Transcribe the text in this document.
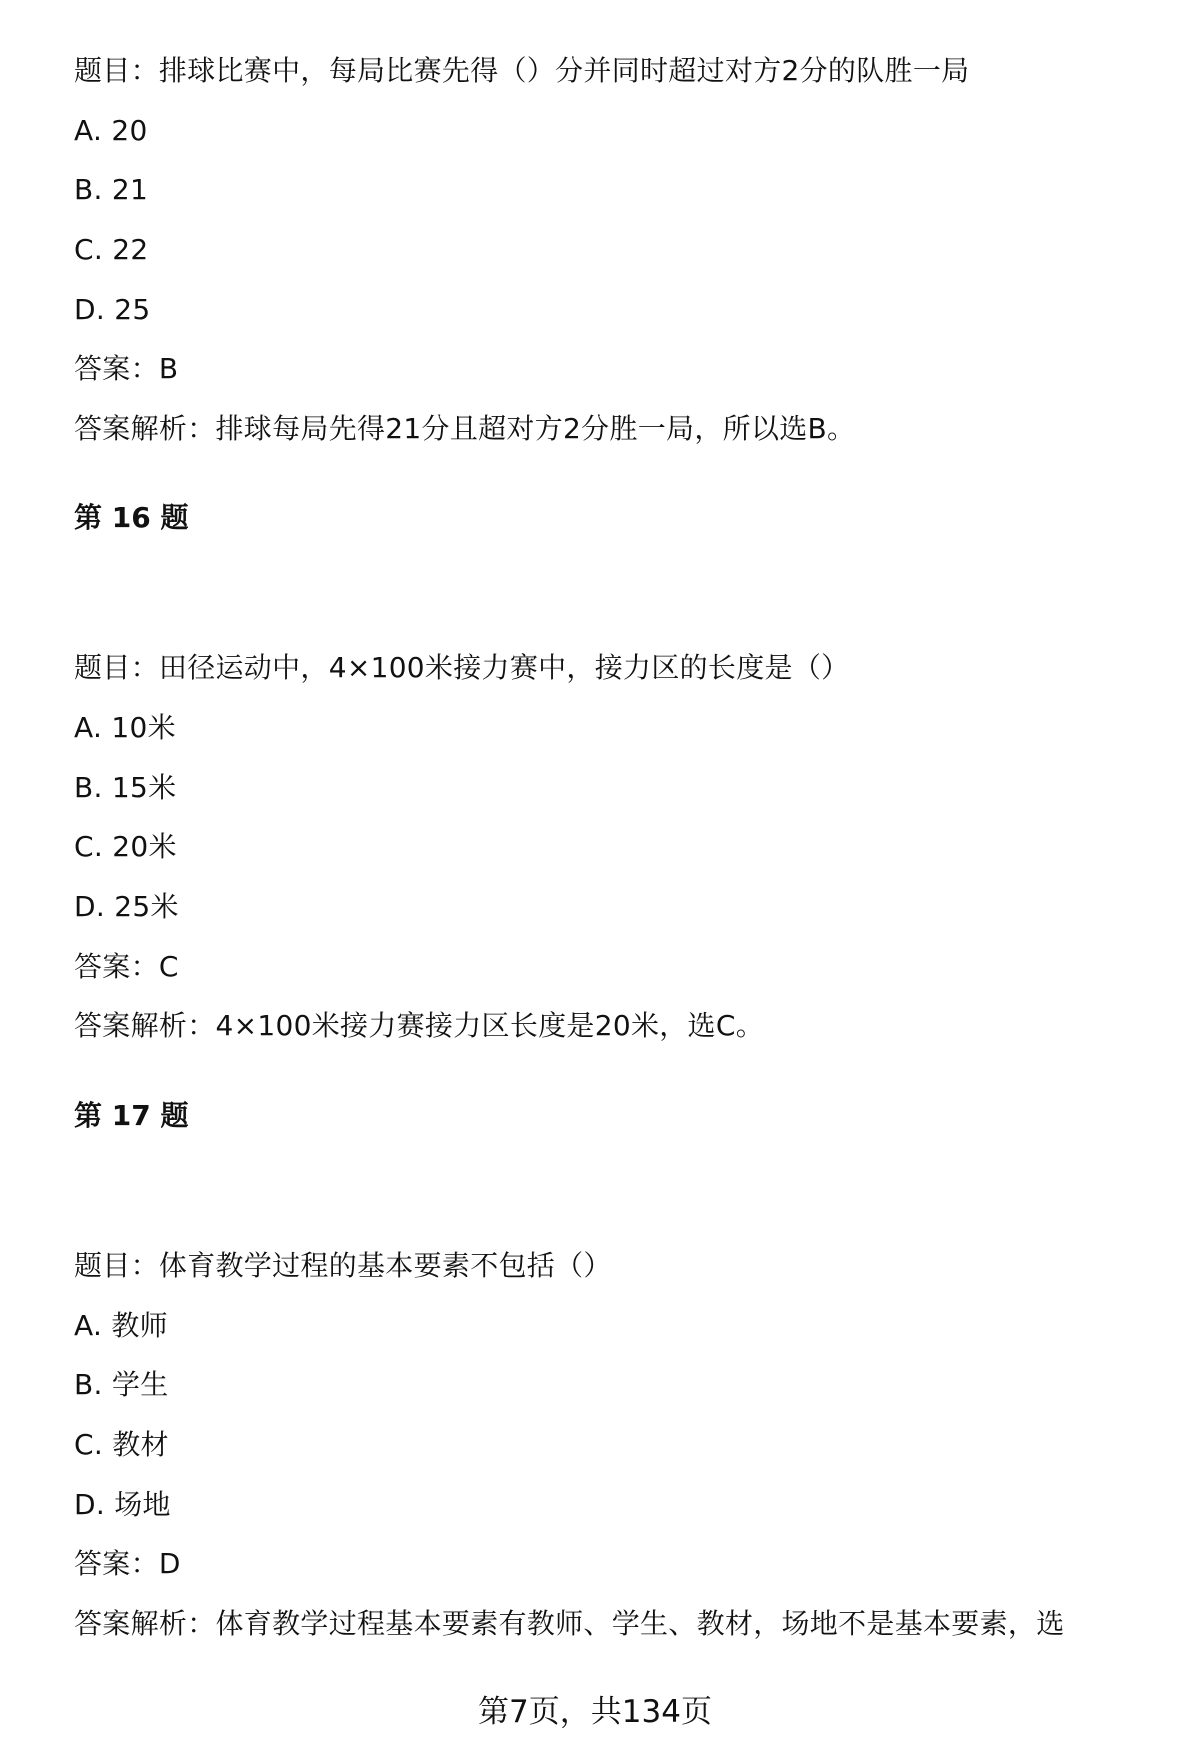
题目：排球比赛中，每局比赛先得（）分并同时超过对方2分的队胜一局
A. 20
B. 21
C. 22
D. 25
答案：B
答案解析：排球每局先得21分且超对方2分胜一局，所以选B。
第 16 题
题目：田径运动中，4×100米接力赛中，接力区的长度是（）
A. 10米
B. 15米
C. 20米
D. 25米
答案：C
答案解析：4×100米接力赛接力区长度是20米，选C。
第 17 题
题目：体育教学过程的基本要素不包括（）
A. 教师
B. 学生
C. 教材
D. 场地
答案：D
答案解析：体育教学过程基本要素有教师、学生、教材，场地不是基本要素，选
第7页，共134页
